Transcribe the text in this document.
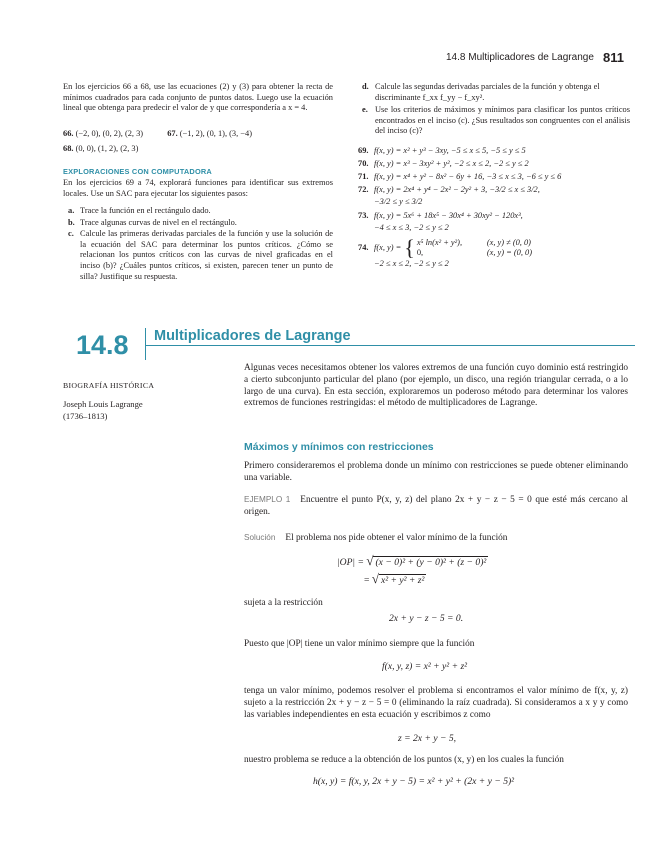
14.8 Multiplicadores de Lagrange 811
En los ejercicios 66 a 68, use las ecuaciones (2) y (3) para obtener la recta de mínimos cuadrados para cada conjunto de puntos datos. Luego use la ecuación lineal que obtenga para predecir el valor de y que correspondería a x = 4.
66. (−2, 0), (0, 2), (2, 3)	67. (−1, 2), (0, 1), (3, −4)
68. (0, 0), (1, 2), (2, 3)
EXPLORACIONES CON COMPUTADORA
En los ejercicios 69 a 74, explorará funciones para identificar sus extremos locales. Use un SAC para ejecutar los siguientes pasos:
a. Trace la función en el rectángulo dado.
b. Trace algunas curvas de nivel en el rectángulo.
c. Calcule las primeras derivadas parciales de la función y use la solución de la ecuación del SAC para determinar los puntos críticos. ¿Cómo se relacionan los puntos críticos con las curvas de nivel graficadas en el inciso (b)? ¿Cuáles puntos críticos, si existen, parecen tener un punto de silla? Justifique su respuesta.
d. Calcule las segundas derivadas parciales de la función y obtenga el discriminante f_xx f_yy − f_xy².
e. Use los criterios de máximos y mínimos para clasificar los puntos críticos encontrados en el inciso (c). ¿Sus resultados son congruentes con el análisis del inciso (c)?
69. f(x, y) = x² + y³ − 3xy, −5 ≤ x ≤ 5, −5 ≤ y ≤ 5
70. f(x, y) = x³ − 3xy² + y², −2 ≤ x ≤ 2, −2 ≤ y ≤ 2
71. f(x, y) = x⁴ + y² − 8x² − 6y + 16, −3 ≤ x ≤ 3, −6 ≤ y ≤ 6
72. f(x, y) = 2x⁴ + y⁴ − 2x² − 2y² + 3, −3/2 ≤ x ≤ 3/2,
−3/2 ≤ y ≤ 3/2
73. f(x, y) = 5x⁶ + 18x⁵ − 30x⁴ + 30xy² − 120x³,
−4 ≤ x ≤ 3, −2 ≤ y ≤ 2
74. f(x, y) = { x⁵ ln(x² + y²),	(x, y) ≠ (0, 0)
0,	(x, y) = (0, 0)
−2 ≤ x ≤ 2, −2 ≤ y ≤ 2
14.8 Multiplicadores de Lagrange
BIOGRAFÍA HISTÓRICA
Joseph Louis Lagrange
(1736–1813)
Algunas veces necesitamos obtener los valores extremos de una función cuyo dominio está restringido a cierto subconjunto particular del plano (por ejemplo, un disco, una región triangular cerrada, o a lo largo de una curva). En esta sección, exploraremos un poderoso método para determinar los valores extremos de funciones restringidas: el método de multiplicadores de Lagrange.
Máximos y mínimos con restricciones
Primero consideraremos el problema donde un mínimo con restricciones se puede obtener eliminando una variable.
EJEMPLO 1 Encuentre el punto P(x, y, z) del plano 2x + y − z − 5 = 0 que esté más cercano al origen.
Solución El problema nos pide obtener el valor mínimo de la función
|OP| = √ (x − 0)² + (y − 0)² + (z − 0)²
= √ x² + y² + z²
sujeta a la restricción
2x + y − z − 5 = 0.
Puesto que |OP| tiene un valor mínimo siempre que la función
f(x, y, z) = x² + y² + z²
tenga un valor mínimo, podemos resolver el problema si encontramos el valor mínimo de f(x, y, z) sujeto a la restricción 2x + y − z − 5 = 0 (eliminando la raíz cuadrada). Si consideramos a x y y como las variables independientes en esta ecuación y escribimos z como
z = 2x + y − 5,
nuestro problema se reduce a la obtención de los puntos (x, y) en los cuales la función
h(x, y) = f(x, y, 2x + y − 5) = x² + y² + (2x + y − 5)²
